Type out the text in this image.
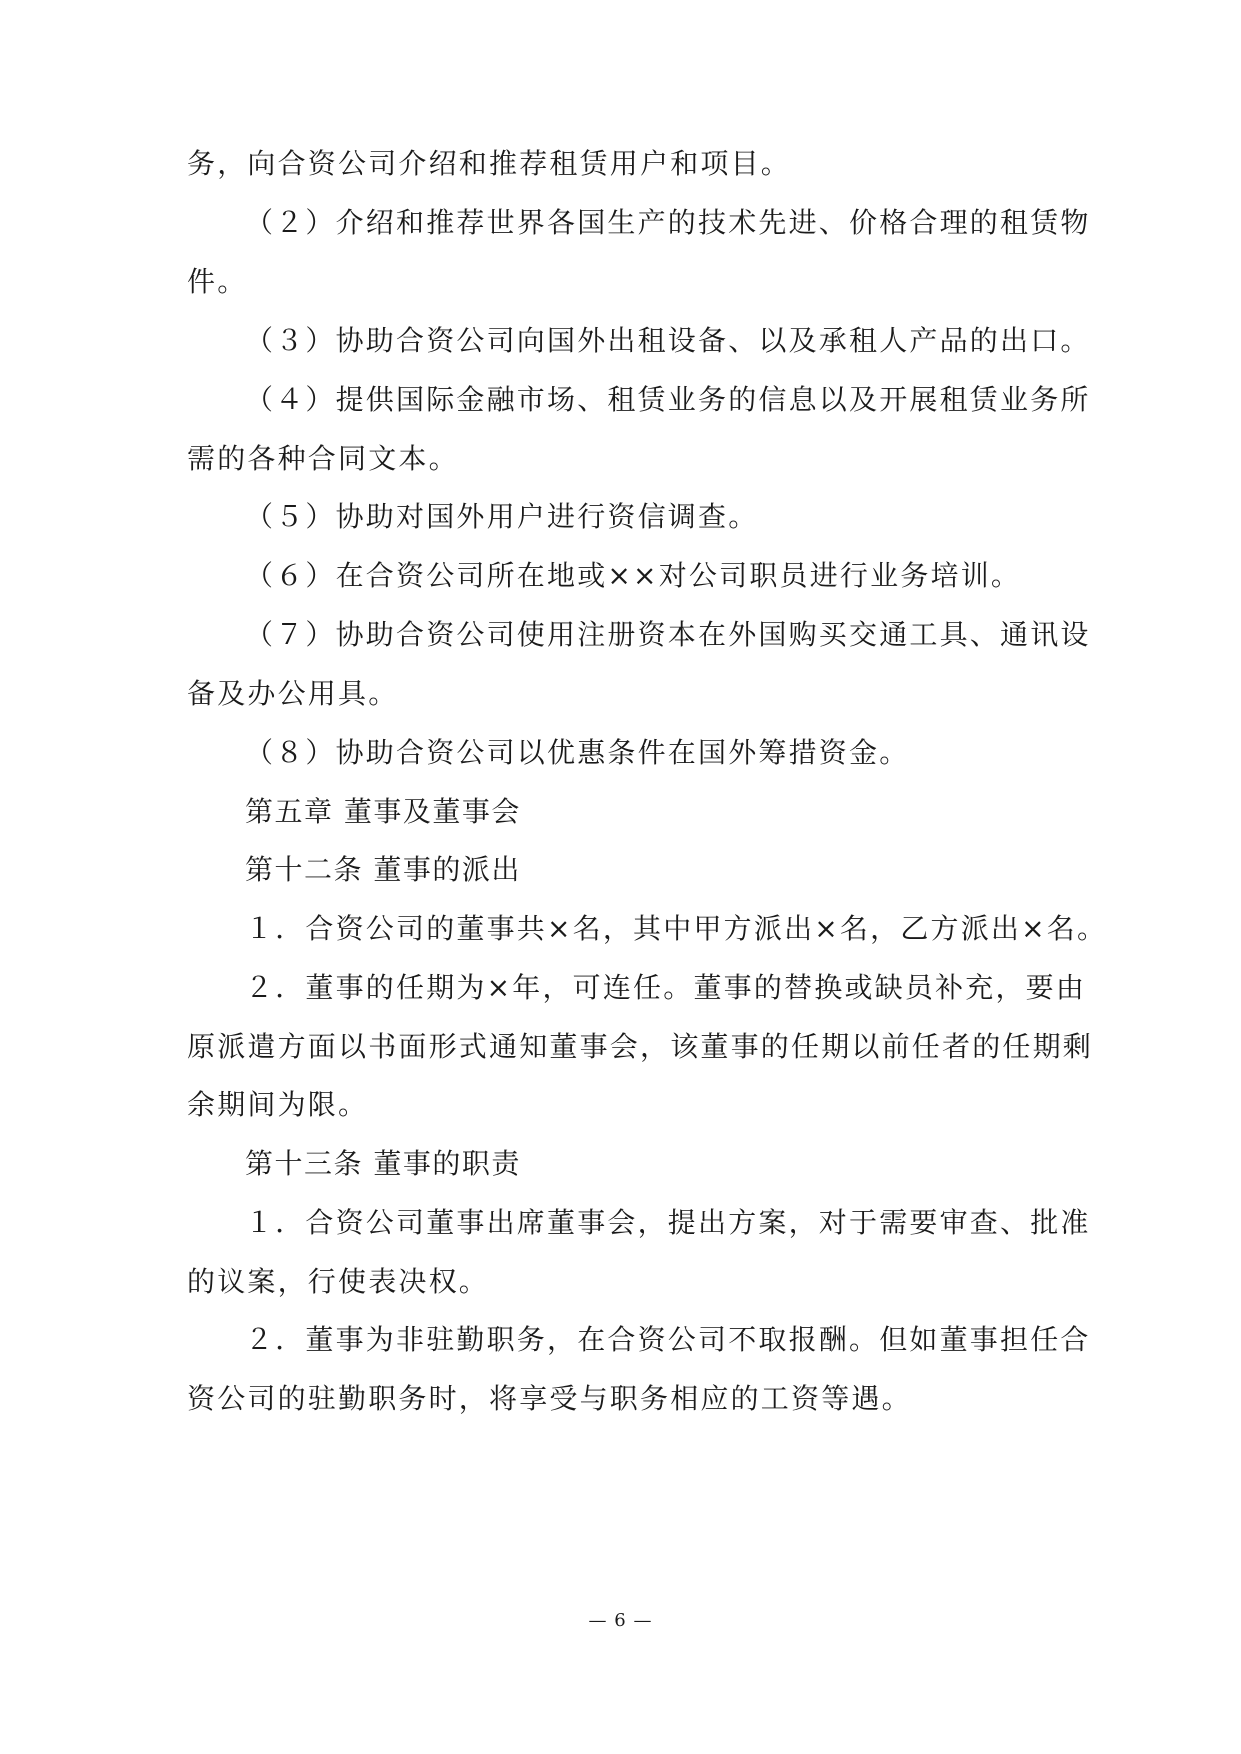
务，向合资公司介绍和推荐租赁用户和项目。
（２）介绍和推荐世界各国生产的技术先进、价格合理的租赁物
件。
（３）协助合资公司向国外出租设备、以及承租人产品的出口。
（４）提供国际金融市场、租赁业务的信息以及开展租赁业务所
需的各种合同文本。
（５）协助对国外用户进行资信调查。
（６）在合资公司所在地或××对公司职员进行业务培训。
（７）协助合资公司使用注册资本在外国购买交通工具、通讯设
备及办公用具。
（８）协助合资公司以优惠条件在国外筹措资金。
第五章 董事及董事会
第十二条 董事的派出
１．合资公司的董事共×名，其中甲方派出×名，乙方派出×名。
２．董事的任期为×年，可连任。董事的替换或缺员补充，要由
原派遣方面以书面形式通知董事会，该董事的任期以前任者的任期剩
余期间为限。
第十三条 董事的职责
１．合资公司董事出席董事会，提出方案，对于需要审查、批准
的议案，行使表决权。
２．董事为非驻勤职务，在合资公司不取报酬。但如董事担任合
资公司的驻勤职务时，将享受与职务相应的工资等遇。
— 6 —
